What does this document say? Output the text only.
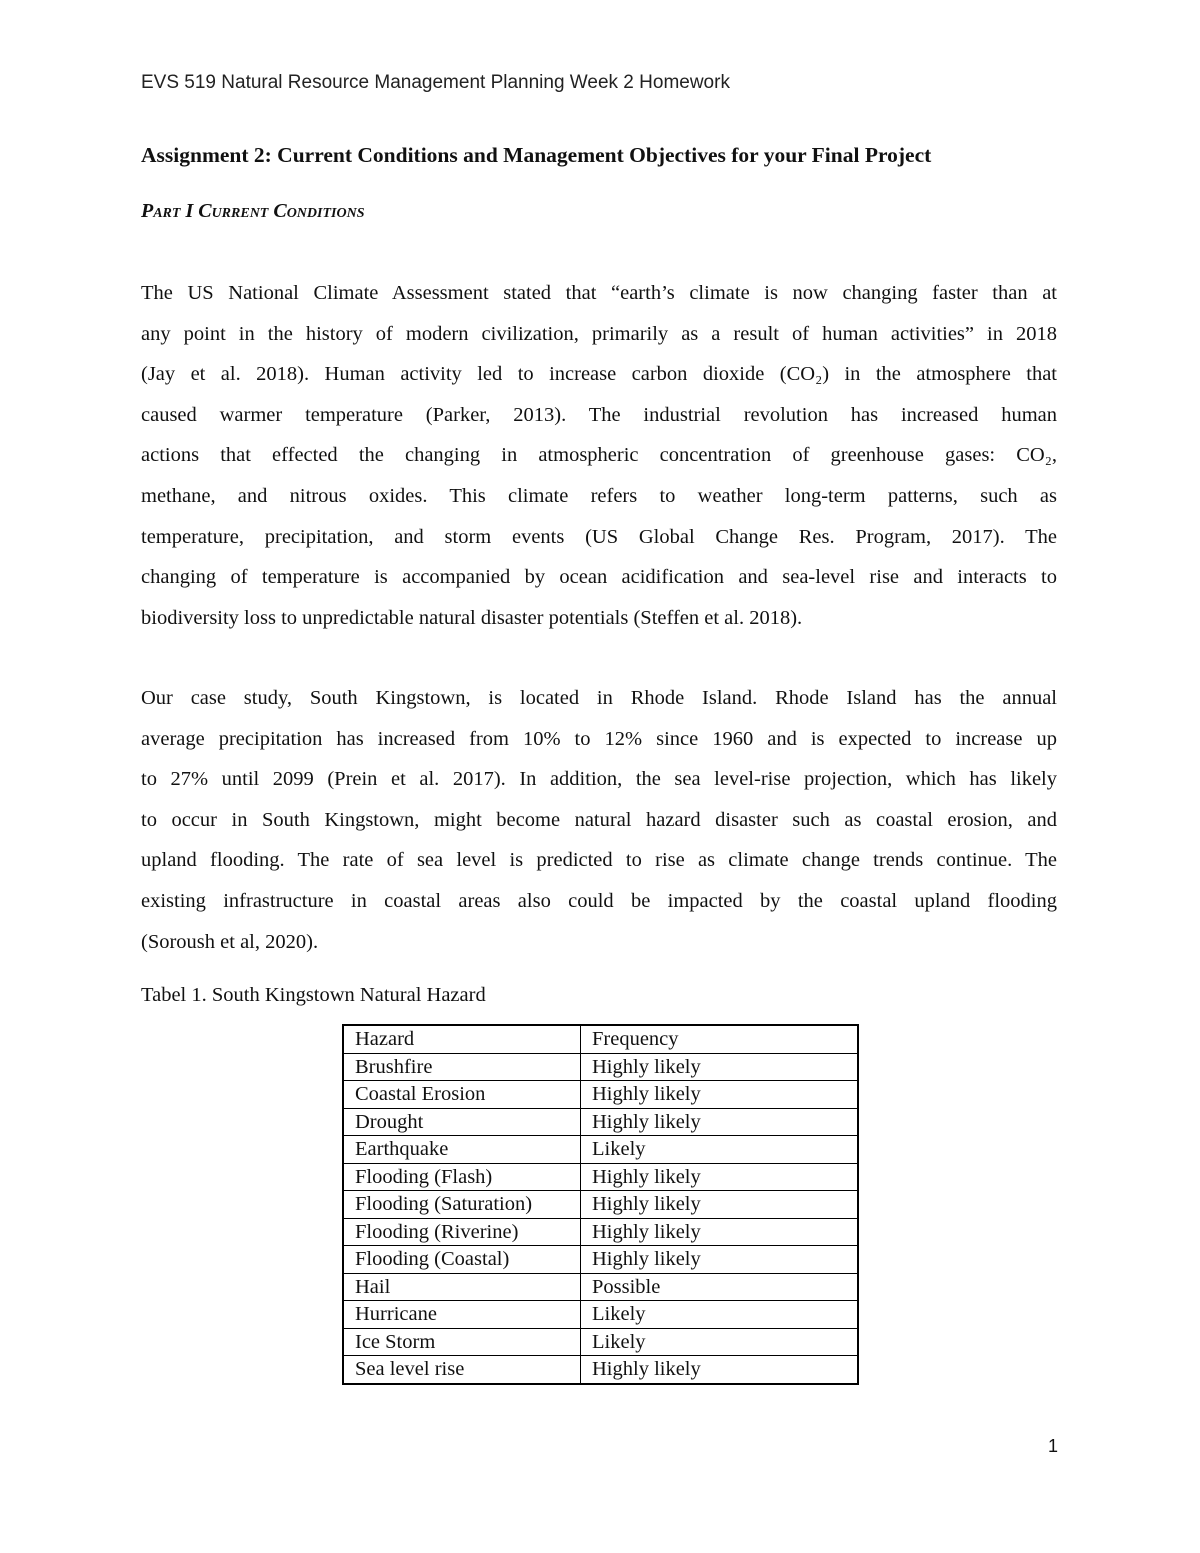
EVS 519 Natural Resource Management Planning Week 2 Homework
Assignment 2: Current Conditions and Management Objectives for your Final Project
Part I Current Conditions
The US National Climate Assessment stated that “earth’s climate is now changing faster than at
any point in the history of modern civilization, primarily as a result of human activities” in 2018
(Jay et al. 2018). Human activity led to increase carbon dioxide (CO₂) in the atmosphere that
caused warmer temperature (Parker, 2013). The industrial revolution has increased human
actions that effected the changing in atmospheric concentration of greenhouse gases: CO₂,
methane, and nitrous oxides. This climate refers to weather long-term patterns, such as
temperature, precipitation, and storm events (US Global Change Res. Program, 2017). The
changing of temperature is accompanied by ocean acidification and sea-level rise and interacts to
biodiversity loss to unpredictable natural disaster potentials (Steffen et al. 2018).
Our case study, South Kingstown, is located in Rhode Island. Rhode Island has the annual
average precipitation has increased from 10% to 12% since 1960 and is expected to increase up
to 27% until 2099 (Prein et al. 2017). In addition, the sea level-rise projection, which has likely
to occur in South Kingstown, might become natural hazard disaster such as coastal erosion, and
upland flooding. The rate of sea level is predicted to rise as climate change trends continue. The
existing infrastructure in coastal areas also could be impacted by the coastal upland flooding
(Soroush et al, 2020).
Tabel 1. South Kingstown Natural Hazard
Hazard	Frequency
Brushfire	Highly likely
Coastal Erosion	Highly likely
Drought	Highly likely
Earthquake	Likely
Flooding (Flash)	Highly likely
Flooding (Saturation)	Highly likely
Flooding (Riverine)	Highly likely
Flooding (Coastal)	Highly likely
Hail	Possible
Hurricane	Likely
Ice Storm	Likely
Sea level rise	Highly likely
1
